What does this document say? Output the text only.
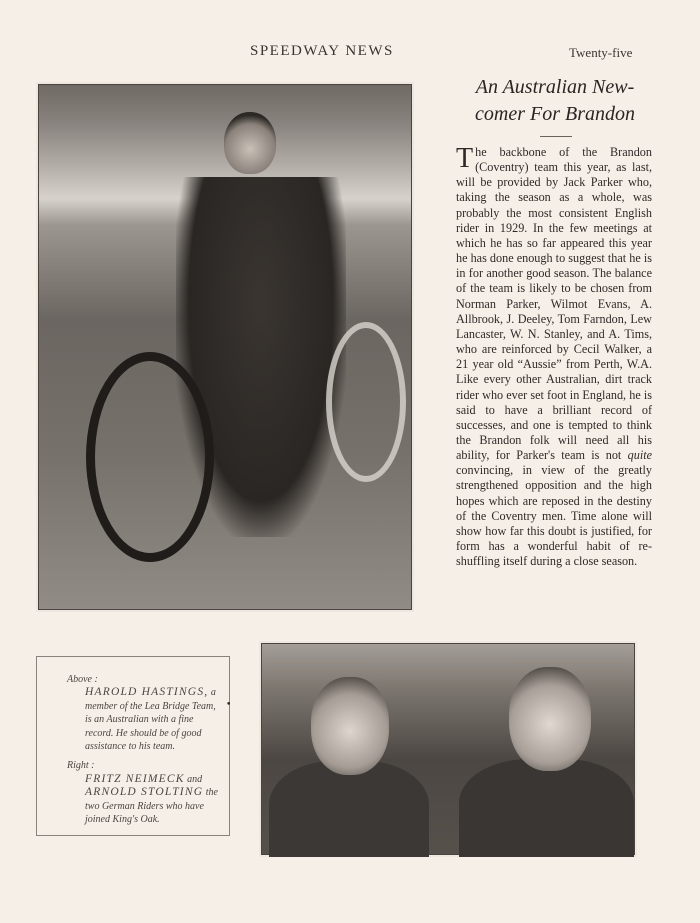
SPEEDWAY NEWS	Twenty-five
An Australian New-
comer For Brandon

The backbone of the Brandon (Coventry) team this year, as last, will be provided by Jack Parker who, taking the season as a whole, was probably the most consistent English rider in 1929. In the few meetings at which he has so far appeared this year he has done enough to suggest that he is in for another good season. The balance of the team is likely to be chosen from Norman Parker, Wilmot Evans, A. Allbrook, J. Deeley, Tom Farndon, Lew Lancaster, W. N. Stanley, and A. Tims, who are reinforced by Cecil Walker, a 21 year old “Aussie” from Perth, W.A. Like every other Australian, dirt track rider who ever set foot in England, he is said to have a brilliant record of successes, and one is tempted to think the Brandon folk will need all his ability, for Parker's team is not quite convincing, in view of the greatly strengthened opposition and the high hopes which are reposed in the destiny of the Coventry men. Time alone will show how far this doubt is justified, for form has a wonderful habit of re-shuffling itself during a close season.

Above :
HAROLD HASTINGS, a member of the Lea Bridge Team, is an Australian with a fine record. He should be of good assistance to his team.
Right :
FRITZ NEIMECK and ARNOLD STOLTING the two German Riders who have joined King's Oak.
•
